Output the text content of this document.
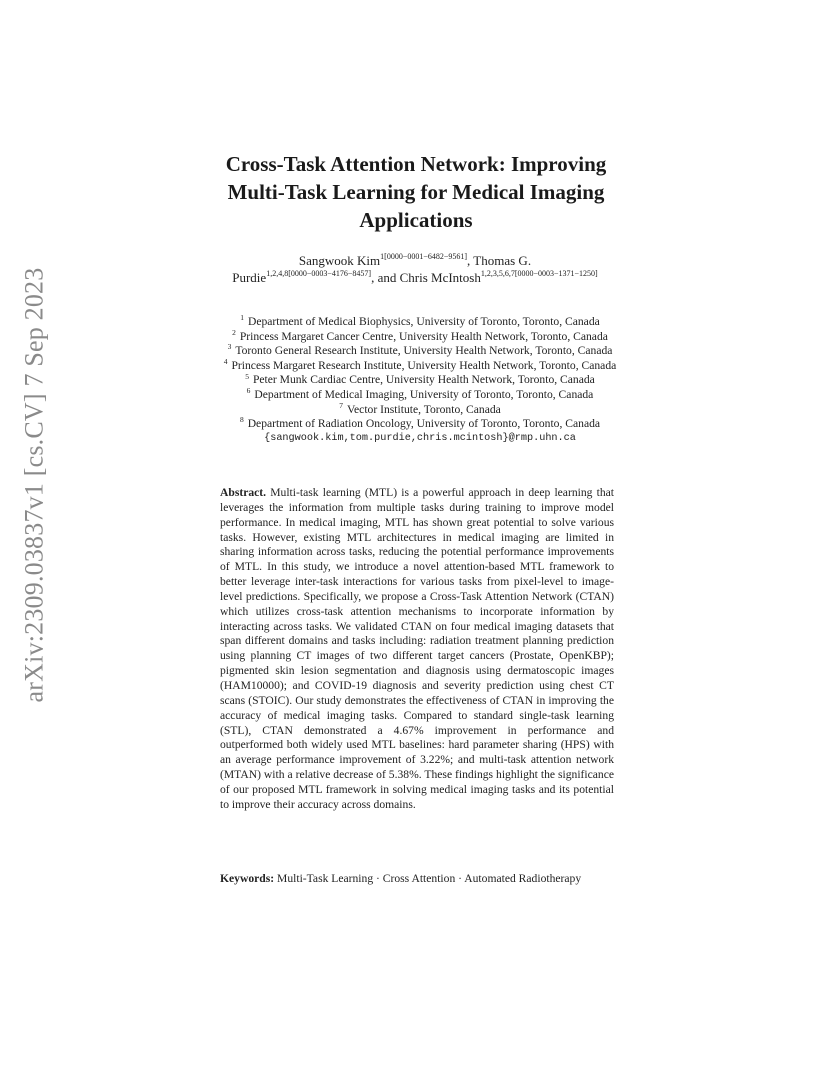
arXiv:2309.03837v1 [cs.CV] 7 Sep 2023
Cross-Task Attention Network: Improving
Multi-Task Learning for Medical Imaging
Applications
Sangwook Kim$^{1[0000-0001-6482-9561]}$, Thomas G. Purdie$^{1,2,4,8[0000-0003-4176-8457]}$, and Chris McIntosh$^{1,2,3,5,6,7[0000-0003-1371-1250]}$
$^1$ Department of Medical Biophysics, University of Toronto, Toronto, Canada
$^2$ Princess Margaret Cancer Centre, University Health Network, Toronto, Canada
$^3$ Toronto General Research Institute, University Health Network, Toronto, Canada
$^4$ Princess Margaret Research Institute, University Health Network, Toronto, Canada
$^5$ Peter Munk Cardiac Centre, University Health Network, Toronto, Canada
$^6$ Department of Medical Imaging, University of Toronto, Toronto, Canada
$^7$ Vector Institute, Toronto, Canada
$^8$ Department of Radiation Oncology, University of Toronto, Toronto, Canada
{sangwook.kim,tom.purdie,chris.mcintosh}@rmp.uhn.ca
Abstract. Multi-task learning (MTL) is a powerful approach in deep learning that leverages the information from multiple tasks during training to improve model performance. In medical imaging, MTL has shown great potential to solve various tasks. However, existing MTL architectures in medical imaging are limited in sharing information across tasks, reducing the potential performance improvements of MTL. In this study, we introduce a novel attention-based MTL framework to better leverage inter-task interactions for various tasks from pixel-level to image-level predictions. Specifically, we propose a Cross-Task Attention Network (CTAN) which utilizes cross-task attention mechanisms to incorporate information by interacting across tasks. We validated CTAN on four medical imaging datasets that span different domains and tasks including: radiation treatment planning prediction using planning CT images of two different target cancers (Prostate, OpenKBP); pigmented skin lesion segmentation and diagnosis using dermatoscopic images (HAM10000); and COVID-19 diagnosis and severity prediction using chest CT scans (STOIC). Our study demonstrates the effectiveness of CTAN in improving the accuracy of medical imaging tasks. Compared to standard single-task learning (STL), CTAN demonstrated a 4.67% improvement in performance and outperformed both widely used MTL baselines: hard parameter sharing (HPS) with an average performance improvement of 3.22%; and multi-task attention network (MTAN) with a relative decrease of 5.38%. These findings highlight the significance of our proposed MTL framework in solving medical imaging tasks and its potential to improve their accuracy across domains.
Keywords: Multi-Task Learning · Cross Attention · Automated Radiotherapy
